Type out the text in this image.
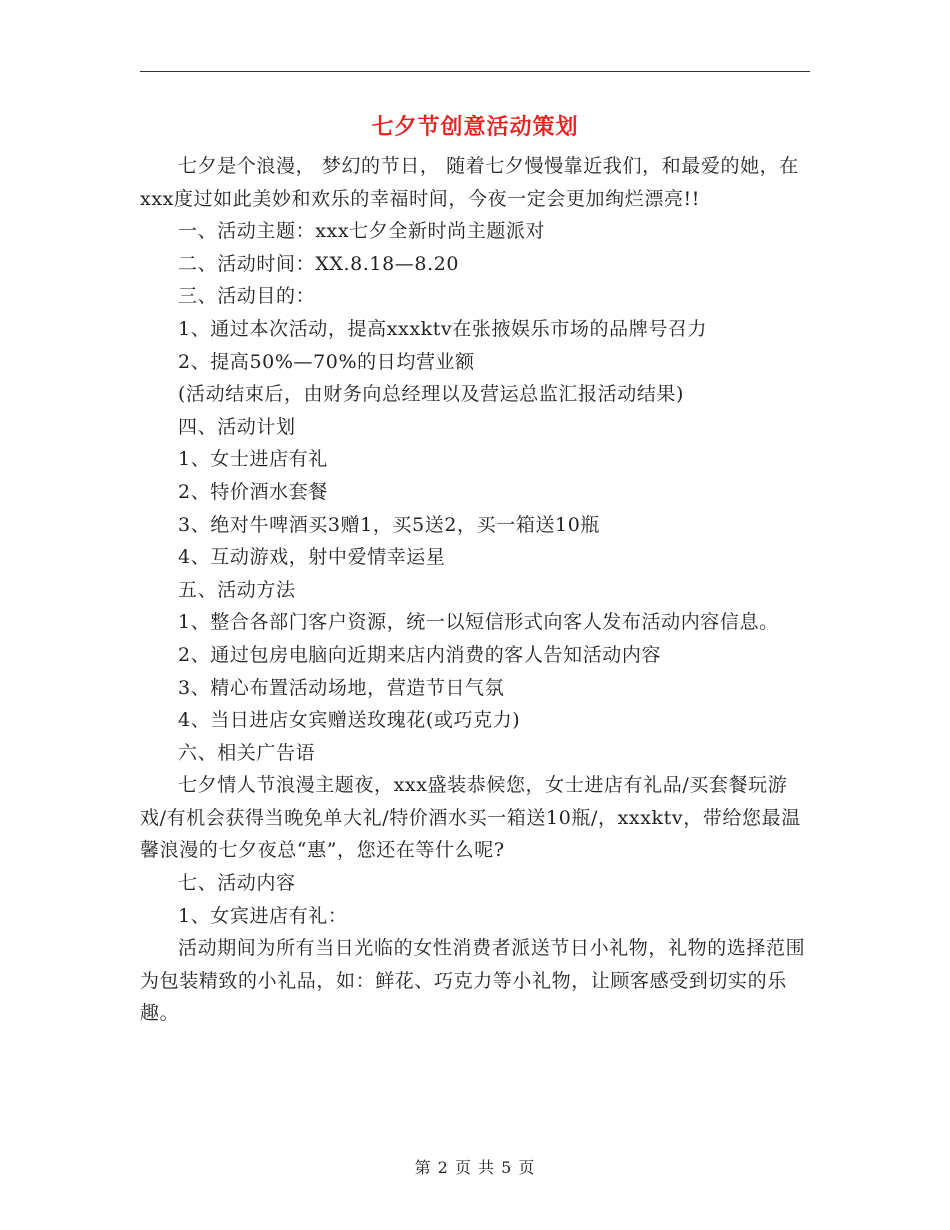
七夕节创意活动策划

七夕是个浪漫， 梦幻的节日， 随着七夕慢慢靠近我们，和最爱的她，在xxx度过如此美妙和欢乐的幸福时间，今夜一定会更加绚烂漂亮!!

一、活动主题：xxx七夕全新时尚主题派对

二、活动时间：XX.8.18—8.20

三、活动目的：

1、通过本次活动，提高xxxktv在张掖娱乐市场的品牌号召力

2、提高50%—70%的日均营业额

(活动结束后，由财务向总经理以及营运总监汇报活动结果)

四、活动计划

1、女士进店有礼

2、特价酒水套餐

3、绝对牛啤酒买3赠1，买5送2，买一箱送10瓶

4、互动游戏，射中爱情幸运星

五、活动方法

1、整合各部门客户资源，统一以短信形式向客人发布活动内容信息。

2、通过包房电脑向近期来店内消费的客人告知活动内容

3、精心布置活动场地，营造节日气氛

4、当日进店女宾赠送玫瑰花(或巧克力)

六、相关广告语

七夕情人节浪漫主题夜，xxx盛装恭候您，女士进店有礼品/买套餐玩游戏/有机会获得当晚免单大礼/特价酒水买一箱送10瓶/，xxxktv，带给您最温馨浪漫的七夕夜总“惠”，您还在等什么呢?

七、活动内容

1、女宾进店有礼：

活动期间为所有当日光临的女性消费者派送节日小礼物，礼物的选择范围为包装精致的小礼品，如：鲜花、巧克力等小礼物，让顾客感受到切实的乐趣。

第 2 页 共 5 页
